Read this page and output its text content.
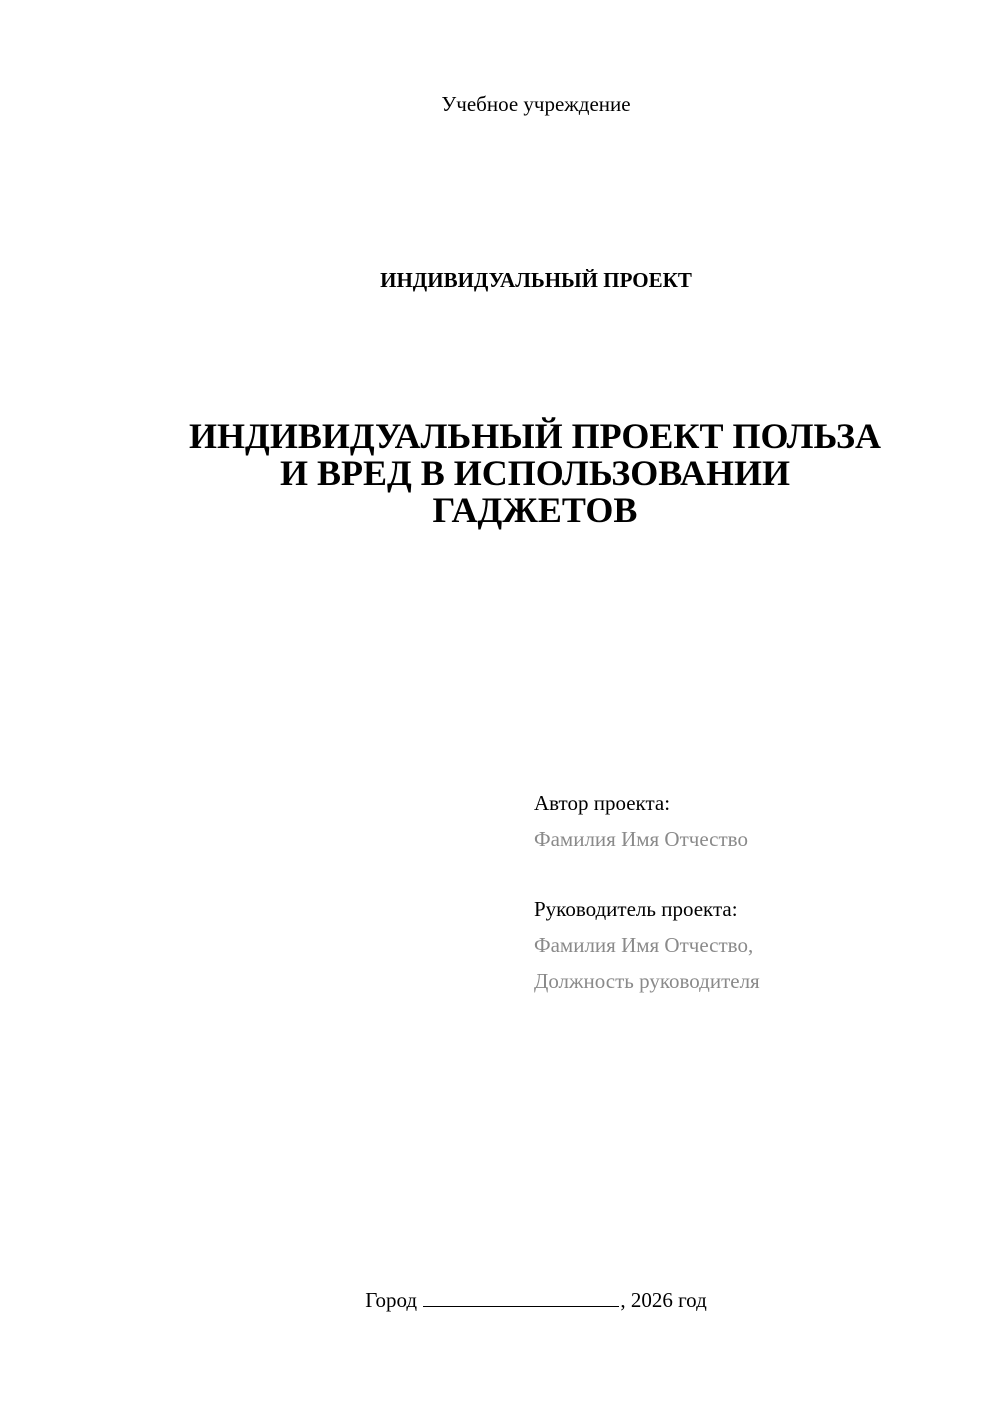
Учебное учреждение
ИНДИВИДУАЛЬНЫЙ ПРОЕКТ
ИНДИВИДУАЛЬНЫЙ ПРОЕКТ ПОЛЬЗА
И ВРЕД В ИСПОЛЬЗОВАНИИ
ГАДЖЕТОВ
Автор проекта:
Фамилия Имя Отчество
Руководитель проекта:
Фамилия Имя Отчество,
Должность руководителя
Город	, 2026 год
